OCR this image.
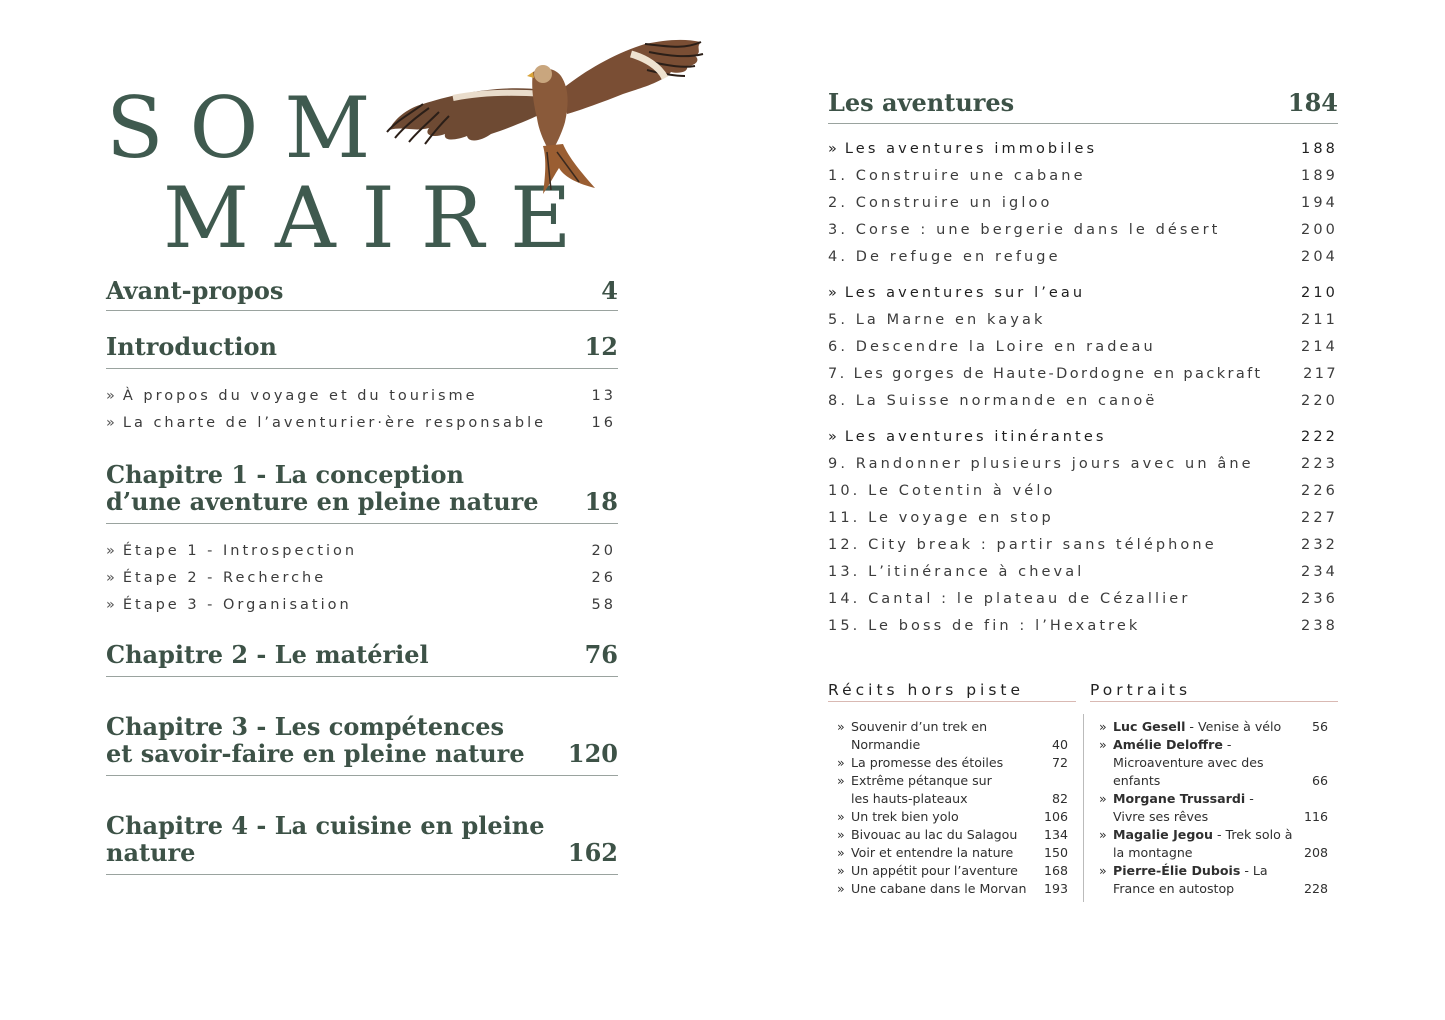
SOM
MAIRE
Avant-propos	4
Introduction	12
» À propos du voyage et du tourisme	13
» La charte de l’aventurier·ère responsable	16
Chapitre 1 - La conception
d’une aventure en pleine nature 18
» Étape 1 - Introspection	20
» Étape 2 - Recherche	26
» Étape 3 - Organisation	58
Chapitre 2 - Le matériel	76
Chapitre 3 - Les compétences
et savoir-faire en pleine nature 120
Chapitre 4 - La cuisine en pleine
nature	162
Les aventures	184
» Les aventures immobiles	188
1. Construire une cabane	189
2. Construire un igloo	194
3. Corse : une bergerie dans le désert	200
4. De refuge en refuge	204
» Les aventures sur l’eau	210
5. La Marne en kayak	211
6. Descendre la Loire en radeau	214
7. Les gorges de Haute-Dordogne en packraft	217
8. La Suisse normande en canoë	220
» Les aventures itinérantes	222
9. Randonner plusieurs jours avec un âne	223
10. Le Cotentin à vélo	226
11. Le voyage en stop	227
12. City break : partir sans téléphone	232
13. L’itinérance à cheval	234
14. Cantal : le plateau de Cézallier	236
15. Le boss de fin : l’Hexatrek	238
Récits hors piste	Portraits
» Souvenir d’un trek en Normandie	40
» La promesse des étoiles	72
» Extrême pétanque sur les hauts-plateaux	82
» Un trek bien yolo	106
» Bivouac au lac du Salagou	134
» Voir et entendre la nature	150
» Un appétit pour l’aventure	168
» Une cabane dans le Morvan	193
» Luc Gesell - Venise à vélo	56
» Amélie Deloffre - Microaventure avec des enfants	66
» Morgane Trussardi - Vivre ses rêves	116
» Magalie Jegou - Trek solo à la montagne	208
» Pierre-Élie Dubois - La France en autostop	228
